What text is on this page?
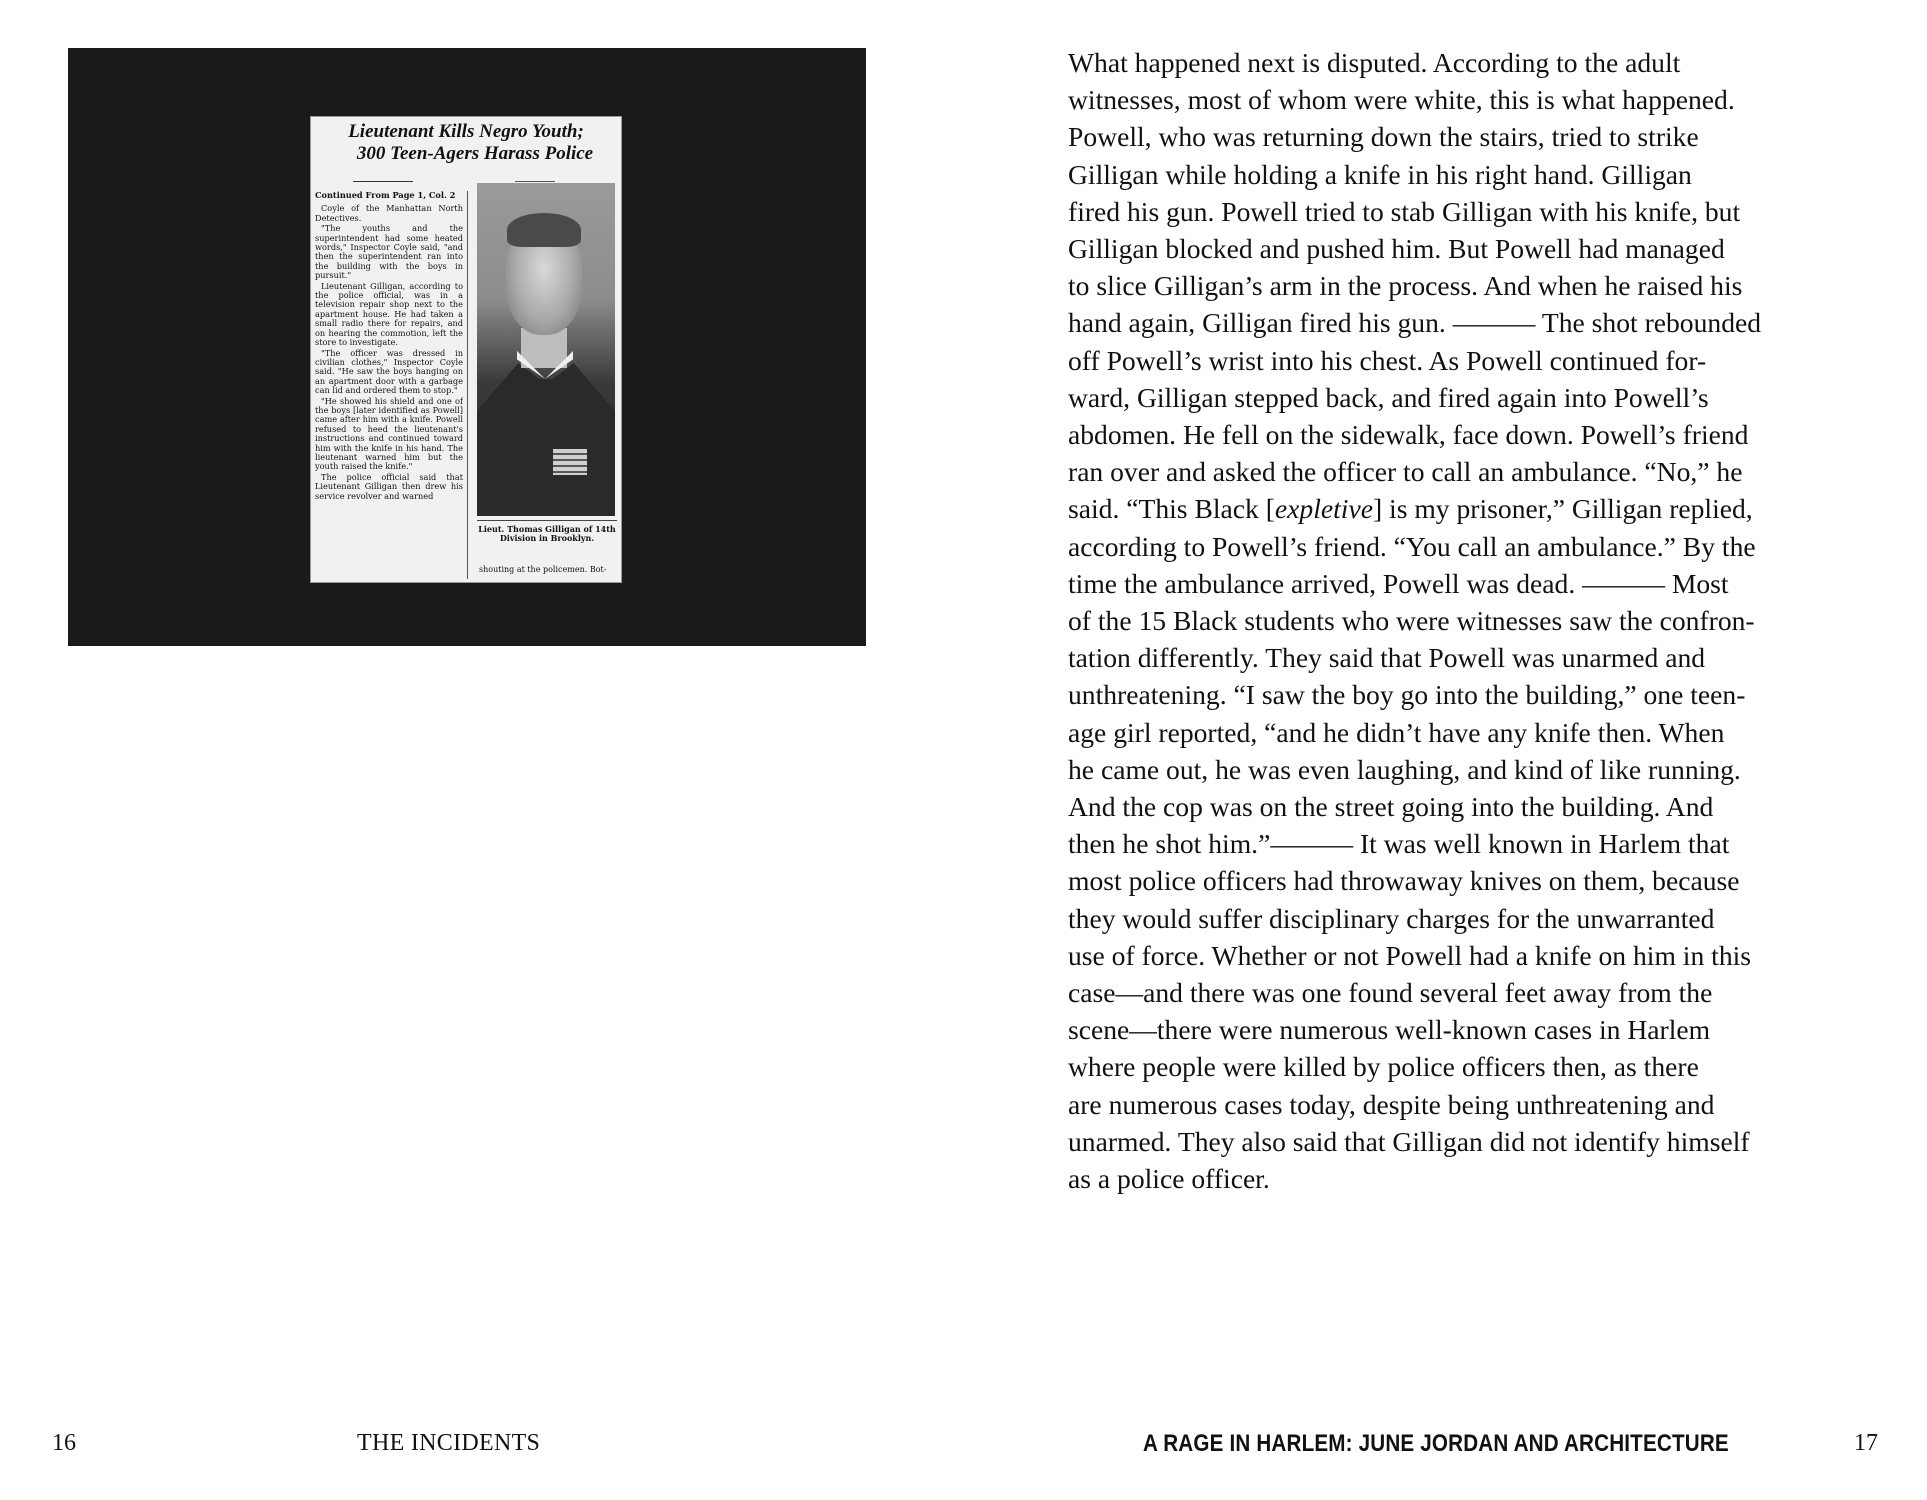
Lieutenant Kills Negro Youth;
300 Teen-Agers Harass Police
Continued From Page 1, Col. 2

Coyle of the Manhattan North Detectives.

"The youths and the superintendent had some heated words," Inspector Coyle said, "and then the superintendent ran into the building with the boys in pursuit."

Lieutenant Gilligan, according to the police official, was in a television repair shop next to the apartment house. He had taken a small radio there for repairs, and on hearing the commotion, left the store to investigate.

"The officer was dressed in civilian clothes," Inspector Coyle said. "He saw the boys hanging on an apartment door with a garbage can lid and ordered them to stop."

"He showed his shield and one of the boys [later identified as Powell] came after him with a knife. Powell refused to heed the lieutenant's instructions and continued toward him with the knife in his hand. The lieutenant warned him but the youth raised the knife."

The police official said that Lieutenant Gilligan then drew his service revolver and warned

Lieut. Thomas Gilligan of 14th Division in Brooklyn.
shouting at the policemen. Bot-
16	THE INCIDENTS
What happened next is disputed. According to the adult
witnesses, most of whom were white, this is what happened.
Powell, who was returning down the stairs, tried to strike
Gilligan while holding a knife in his right hand. Gilligan
fired his gun. Powell tried to stab Gilligan with his knife, but
Gilligan blocked and pushed him. But Powell had managed
to slice Gilligan’s arm in the process. And when he raised his
hand again, Gilligan fired his gun. ——— The shot rebounded
off Powell’s wrist into his chest. As Powell continued for-
ward, Gilligan stepped back, and fired again into Powell’s
abdomen. He fell on the sidewalk, face down. Powell’s friend
ran over and asked the officer to call an ambulance. “No,” he
said. “This Black [expletive] is my prisoner,” Gilligan replied,
according to Powell’s friend. “You call an ambulance.” By the
time the ambulance arrived, Powell was dead. ——— Most
of the 15 Black students who were witnesses saw the confron-
tation differently. They said that Powell was unarmed and
unthreatening. “I saw the boy go into the building,” one teen-
age girl reported, “and he didn’t have any knife then. When
he came out, he was even laughing, and kind of like running.
And the cop was on the street going into the building. And
then he shot him.”——— It was well known in Harlem that
most police officers had throwaway knives on them, because
they would suffer disciplinary charges for the unwarranted
use of force. Whether or not Powell had a knife on him in this
case—and there was one found several feet away from the
scene—there were numerous well-known cases in Harlem
where people were killed by police officers then, as there
are numerous cases today, despite being unthreatening and
unarmed. They also said that Gilligan did not identify himself
as a police officer.
A RAGE IN HARLEM: JUNE JORDAN AND ARCHITECTURE	17
